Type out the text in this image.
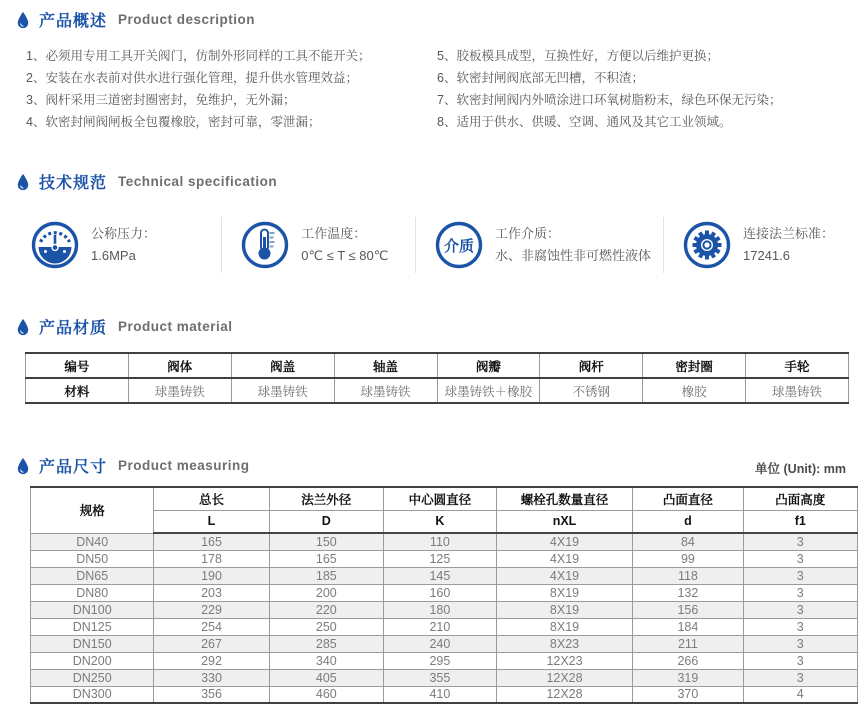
产品概述 Product description
1、必须用专用工具开关阀门，仿制外形同样的工具不能开关；
2、安装在水表前对供水进行强化管理，提升供水管理效益；
3、阀杆采用三道密封圈密封，免维护，无外漏；
4、软密封闸阀闸板全包覆橡胶，密封可靠，零泄漏；
5、胶板模具成型，互换性好，方便以后维护更换；
6、软密封闸阀底部无凹槽，不积渣；
7、软密封闸阀内外喷涂进口环氧树脂粉末，绿色环保无污染；
8、适用于供水、供暖、空调、通风及其它工业领域。
技术规范 Technical specification
公称压力：
1.6MPa
工作温度：
0℃ ≤ T ≤ 80℃
介质
工作介质：
水、非腐蚀性非可燃性液体
连接法兰标准：
17241.6
产品材质 Product material
编号	阀体	阀盖	轴盖	阀瓣	阀杆	密封圈	手轮
材料	球墨铸铁	球墨铸铁	球墨铸铁	球墨铸铁＋橡胶	不锈钢	橡胶	球墨铸铁
产品尺寸 Product measuring	单位 (Unit): mm
规格	总长	法兰外径	中心圆直径	螺栓孔数量直径	凸面直径	凸面高度
	L	D	K	nXL	d	f1
DN40	165	150	110	4X19	84	3
DN50	178	165	125	4X19	99	3
DN65	190	185	145	4X19	118	3
DN80	203	200	160	8X19	132	3
DN100	229	220	180	8X19	156	3
DN125	254	250	210	8X19	184	3
DN150	267	285	240	8X23	211	3
DN200	292	340	295	12X23	266	3
DN250	330	405	355	12X28	319	3
DN300	356	460	410	12X28	370	4
